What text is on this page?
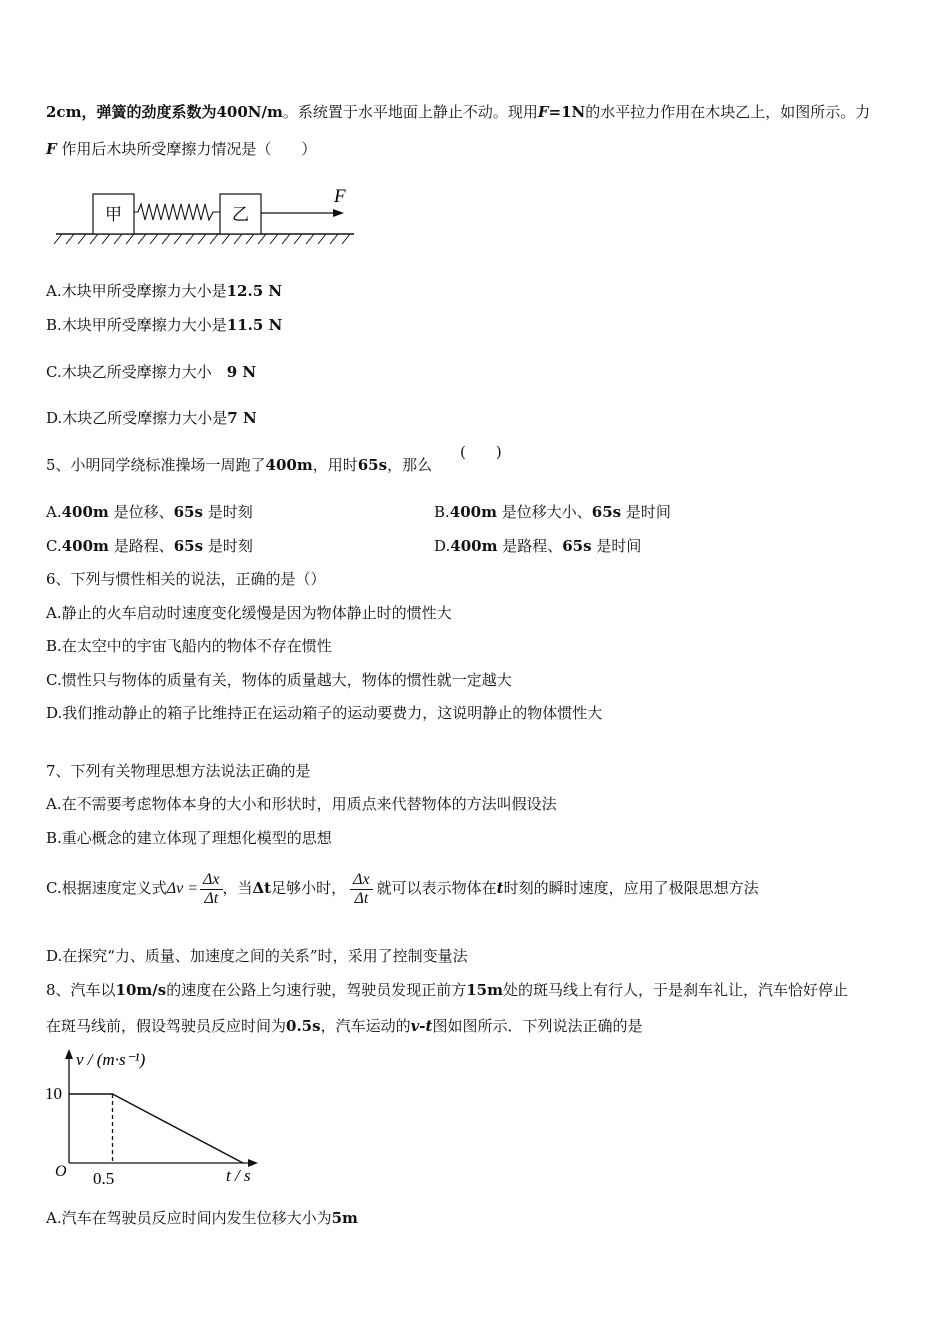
2cm，弹簧的劲度系数为400N/m。系统置于水平地面上静止不动。现用F=1N的水平拉力作用在木块乙上，如图所示。力
F 作用后木块所受摩擦力情况是（　　）
甲	乙
F
A.木块甲所受摩擦力大小是12.5 N
B.木块甲所受摩擦力大小是11.5 N
C.木块乙所受摩擦力大小　9 N
D.木块乙所受摩擦力大小是7 N
5、小明同学绕标准操场一周跑了400m，用时65s，那么
(　　)
A.400m 是位移、65s 是时刻	B.400m 是位移大小、65s 是时间
C.400m 是路程、65s 是时刻	D.400m 是路程、65s 是时间
6、下列与惯性相关的说法，正确的是（）
A.静止的火车启动时速度变化缓慢是因为物体静止时的惯性大
B.在太空中的宇宙飞船内的物体不存在惯性
C.惯性只与物体的质量有关，物体的质量越大，物体的惯性就一定越大
D.我们推动静止的箱子比维持正在运动箱子的运动要费力，这说明静止的物体惯性大
7、下列有关物理思想方法说法正确的是
A.在不需要考虑物体本身的大小和形状时，用质点来代替物体的方法叫假设法
B.重心概念的建立体现了理想化模型的思想
C.根据速度定义式$\Delta v = \frac{\Delta x}{\Delta t}$ ，当Δt足够小时， $\frac{\Delta x}{\Delta t}$ 就可以表示物体在t时刻的瞬时速度，应用了极限思想方法
D.在探究“力、质量、加速度之间的关系”时，采用了控制变量法
8、汽车以10m/s的速度在公路上匀速行驶，驾驶员发现正前方15m处的斑马线上有行人，于是刹车礼让，汽车恰好停止
在斑马线前，假设驾驶员反应时间为0.5s，汽车运动的v-t图如图所示．下列说法正确的是
v / (m·s⁻¹)
t / s
O
10
0.5
A.汽车在驾驶员反应时间内发生位移大小为5m
